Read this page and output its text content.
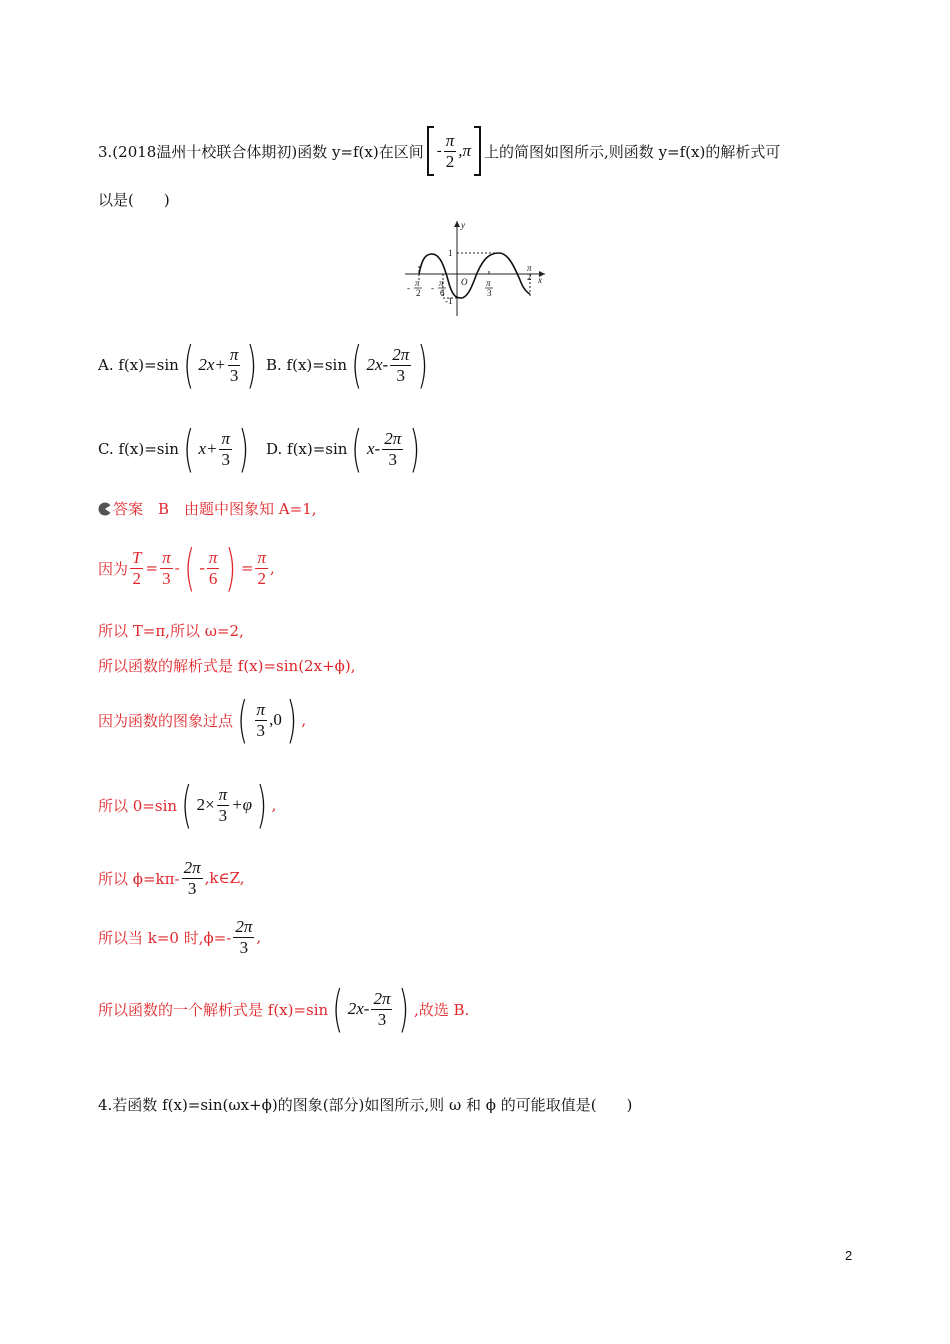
3.(2018温州十校联合体期初)函数 y=f(x)在区间 - $\frac{\pi}{2} ,\pi$ 上的简图如图所示,则函数 y=f(x)的解析式可
以是(　　)
y
x
1
-1
O
π
2
- π
2 - π
6
π
3
A. f(x)=sin ( $2x+ \frac{\pi}{3}$ ) B. f(x)=sin ( $2x- \frac{2\pi}{3}$ )
C. f(x)=sin ( $x+ \frac{\pi}{3}$ ) D. f(x)=sin ( $x- \frac{2\pi}{3}$ )
答案　B　由题中图象知 A=1,
因为 $\frac{T}{2} = \frac{\pi}{3}$ - ( - $\frac{\pi}{6}$ ) = $\frac{\pi}{2}$ ,
所以 T=π,所以 ω=2,
所以函数的解析式是 f(x)=sin(2x+ϕ),
因为函数的图象过点 ( $\frac{\pi}{3} ,0$ ) ,
所以 0=sin ( $2\times \frac{\pi}{3} +\varphi$ ) ,
所以 $\phi=k\pi- \frac{2\pi}{3}$ ,k∈Z,
所以当 k=0 时$,\phi=- \frac{2\pi}{3}$ ,
所以函数的一个解析式是 f(x)=sin ( $2x- \frac{2\pi}{3}$ ) ,故选 B.
4.若函数 f(x)=sin(ωx+ϕ)的图象(部分)如图所示,则 ω 和 ϕ 的可能取值是(　　)
2
